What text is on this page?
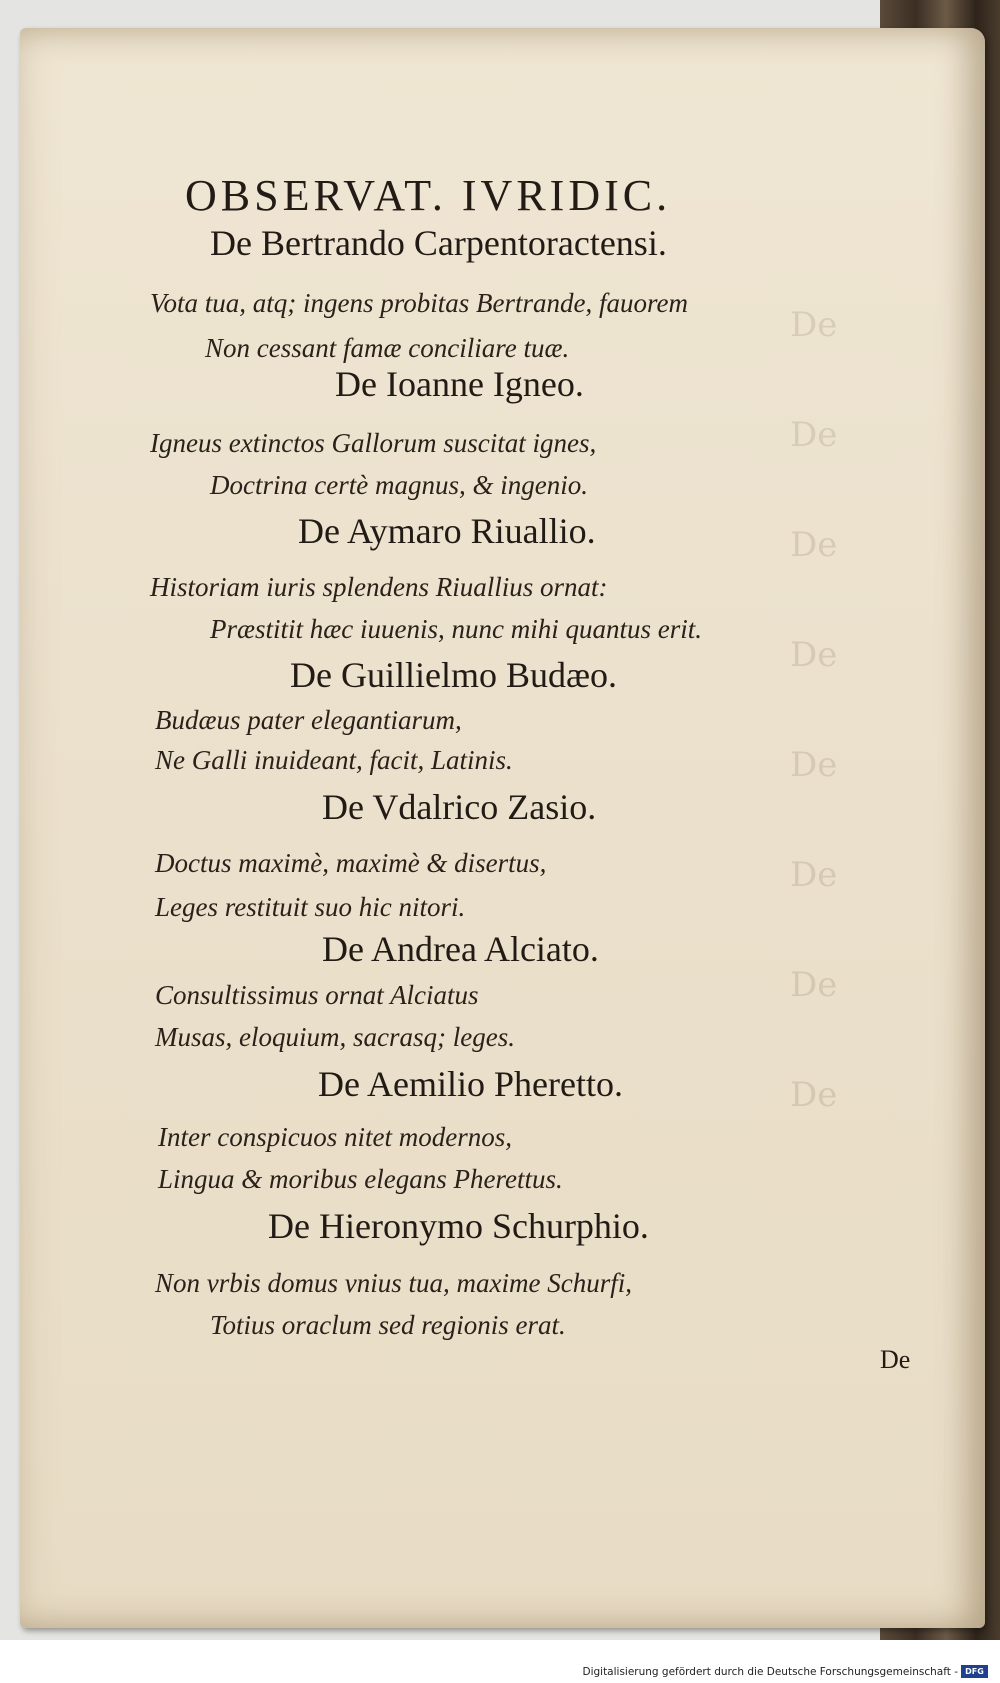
De
De
De
De
De
De
De
De
OBSERVAT. IVRIDIC.
De Bertrando Carpentoractensi.

Vota tua, atq; ingens probitas Bertrande, fauorem

Non cessant famæ conciliare tuæ.

De Ioanne Igneo.

Igneus extinctos Gallorum suscitat ignes,

Doctrina certè magnus, & ingenio.

De Aymaro Riuallio.

Historiam iuris splendens Riuallius ornat:

Præstitit hæc iuuenis, nunc mihi quantus erit.

De Guillielmo Budæo.

Budæus pater elegantiarum,

Ne Galli inuideant, facit, Latinis.

De Vdalrico Zasio.

Doctus maximè, maximè & disertus,

Leges restituit suo hic nitori.

De Andrea Alciato.

Consultissimus ornat Alciatus

Musas, eloquium, sacrasq; leges.

De Aemilio Pheretto.

Inter conspicuos nitet modernos,

Lingua & moribus elegans Pherettus.

De Hieronymo Schurphio.

Non vrbis domus vnius tua, maxime Schurfi,

Totius oraclum sed regionis erat.

De

Digitalisierung gefördert durch die Deutsche Forschungsgemeinschaft - DFG
